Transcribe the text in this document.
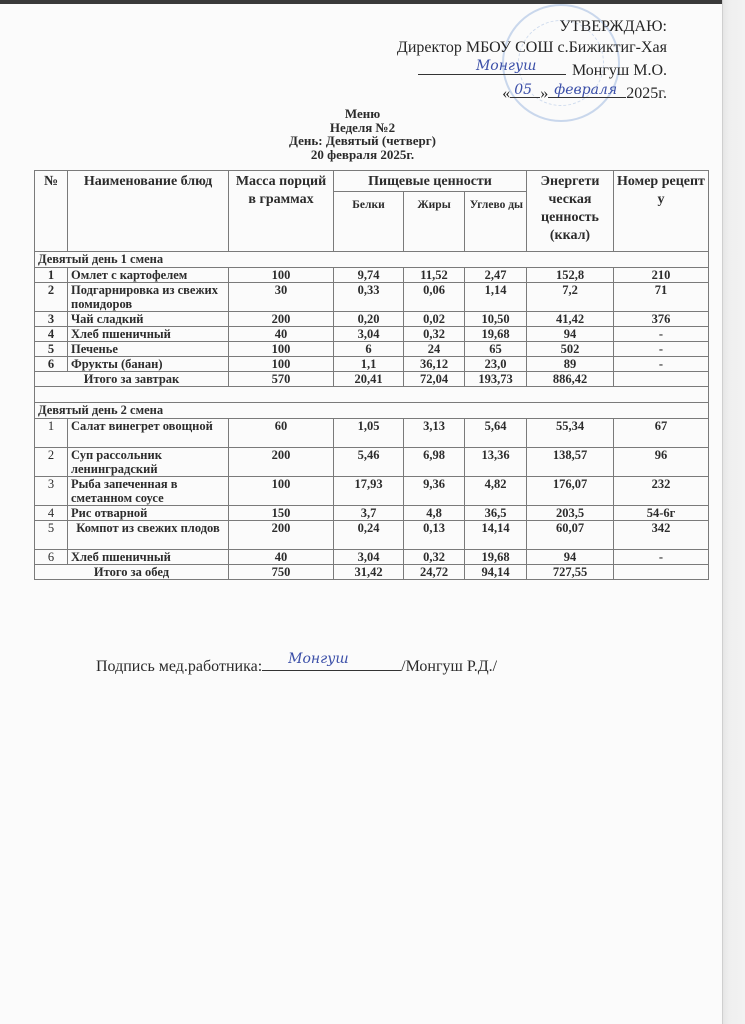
УТВЕРЖДАЮ:
Директор МБОУ СОШ с.Бижиктиг-Хая
Монгуш Монгуш М.О.
« 05 » февраля 2025г.
Меню
Неделя №2
День: Девятый (четверг)
20 февраля 2025г.
№	Наименование блюд	Масса порций в граммах	Пищевые ценности			Энергети ческая ценность (ккал)	Номер рецепт у
			Белки	Жиры	Углево ды		
Девятый день 1 смена							
1	Омлет с картофелем	100	9,74	11,52	2,47	152,8	210
2	Подгарнировка из свежих помидоров	30	0,33	0,06	1,14	7,2	71
3	Чай сладкий	200	0,20	0,02	10,50	41,42	376
4	Хлеб пшеничный	40	3,04	0,32	19,68	94	-
5	Печенье	100	6	24	65	502	-
6	Фрукты (банан)	100	1,1	36,12	23,0	89	-
Итого за завтрак		570	20,41	72,04	193,73	886,42	

Девятый день 2 смена							
1	Салат винегрет овощной	60	1,05	3,13	5,64	55,34	67
2	Суп рассольник ленинградский	200	5,46	6,98	13,36	138,57	96
3	Рыба запеченная в сметанном соусе	100	17,93	9,36	4,82	176,07	232
4	Рис отварной	150	3,7	4,8	36,5	203,5	54-6г
5	Компот из свежих плодов	200	0,24	0,13	14,14	60,07	342
6	Хлеб пшеничный	40	3,04	0,32	19,68	94	-
Итого за обед		750	31,42	24,72	94,14	727,55	
Подпись мед.работника: Монгуш	/Монгуш Р.Д./
